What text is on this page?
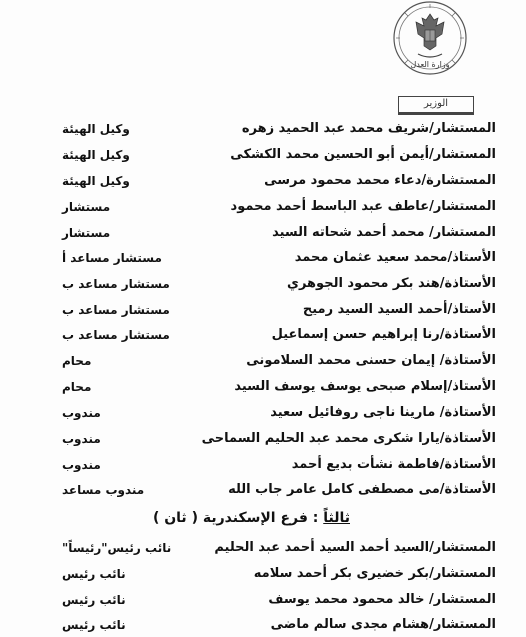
وزارة العدل
الوزير
المستشار/شريف محمد عبد الحميد زهره
وكيل الهيئة
المستشار/أيمن أبو الحسين محمد الكشكى
وكيل الهيئة
المستشارة/دعاء محمد محمود مرسى
وكيل الهيئة
المستشار/عاطف عبد الباسط أحمد محمود
مستشار
المستشار/ محمد أحمد شحاته السيد
مستشار
الأستاذ/محمد سعيد عثمان محمد
مستشار مساعد أ
الأستاذة/هند بكر محمود الجوهري
مستشار مساعد ب
الأستاذ/أحمد السيد السيد رميح
مستشار مساعد ب
الأستاذة/رنا إبراهيم حسن إسماعيل
مستشار مساعد ب
الأستاذة/ إيمان حسنى محمد السلامونى
محام
الأستاذ/إسلام صبحى يوسف يوسف السيد
محام
الأستاذة/ مارينا ناجى روفائيل سعيد
مندوب
الأستاذة/يارا شكرى محمد عبد الحليم السماحى
مندوب
الأستاذة/فاطمة نشأت بديع أحمد
مندوب
الأستاذة/مى مصطفى كامل عامر جاب الله
مندوب مساعد
ثالثاً : فرع الإسكندرية ( ثان )
المستشار/السيد أحمد السيد أحمد عبد الحليم
نائب رئيس"رئيساً"
المستشار/بكر خضيرى بكر أحمد سلامه
نائب رئيس
المستشار/ خالد محمود محمد يوسف
نائب رئيس
المستشار/هشام مجدى سالم ماضى
نائب رئيس
